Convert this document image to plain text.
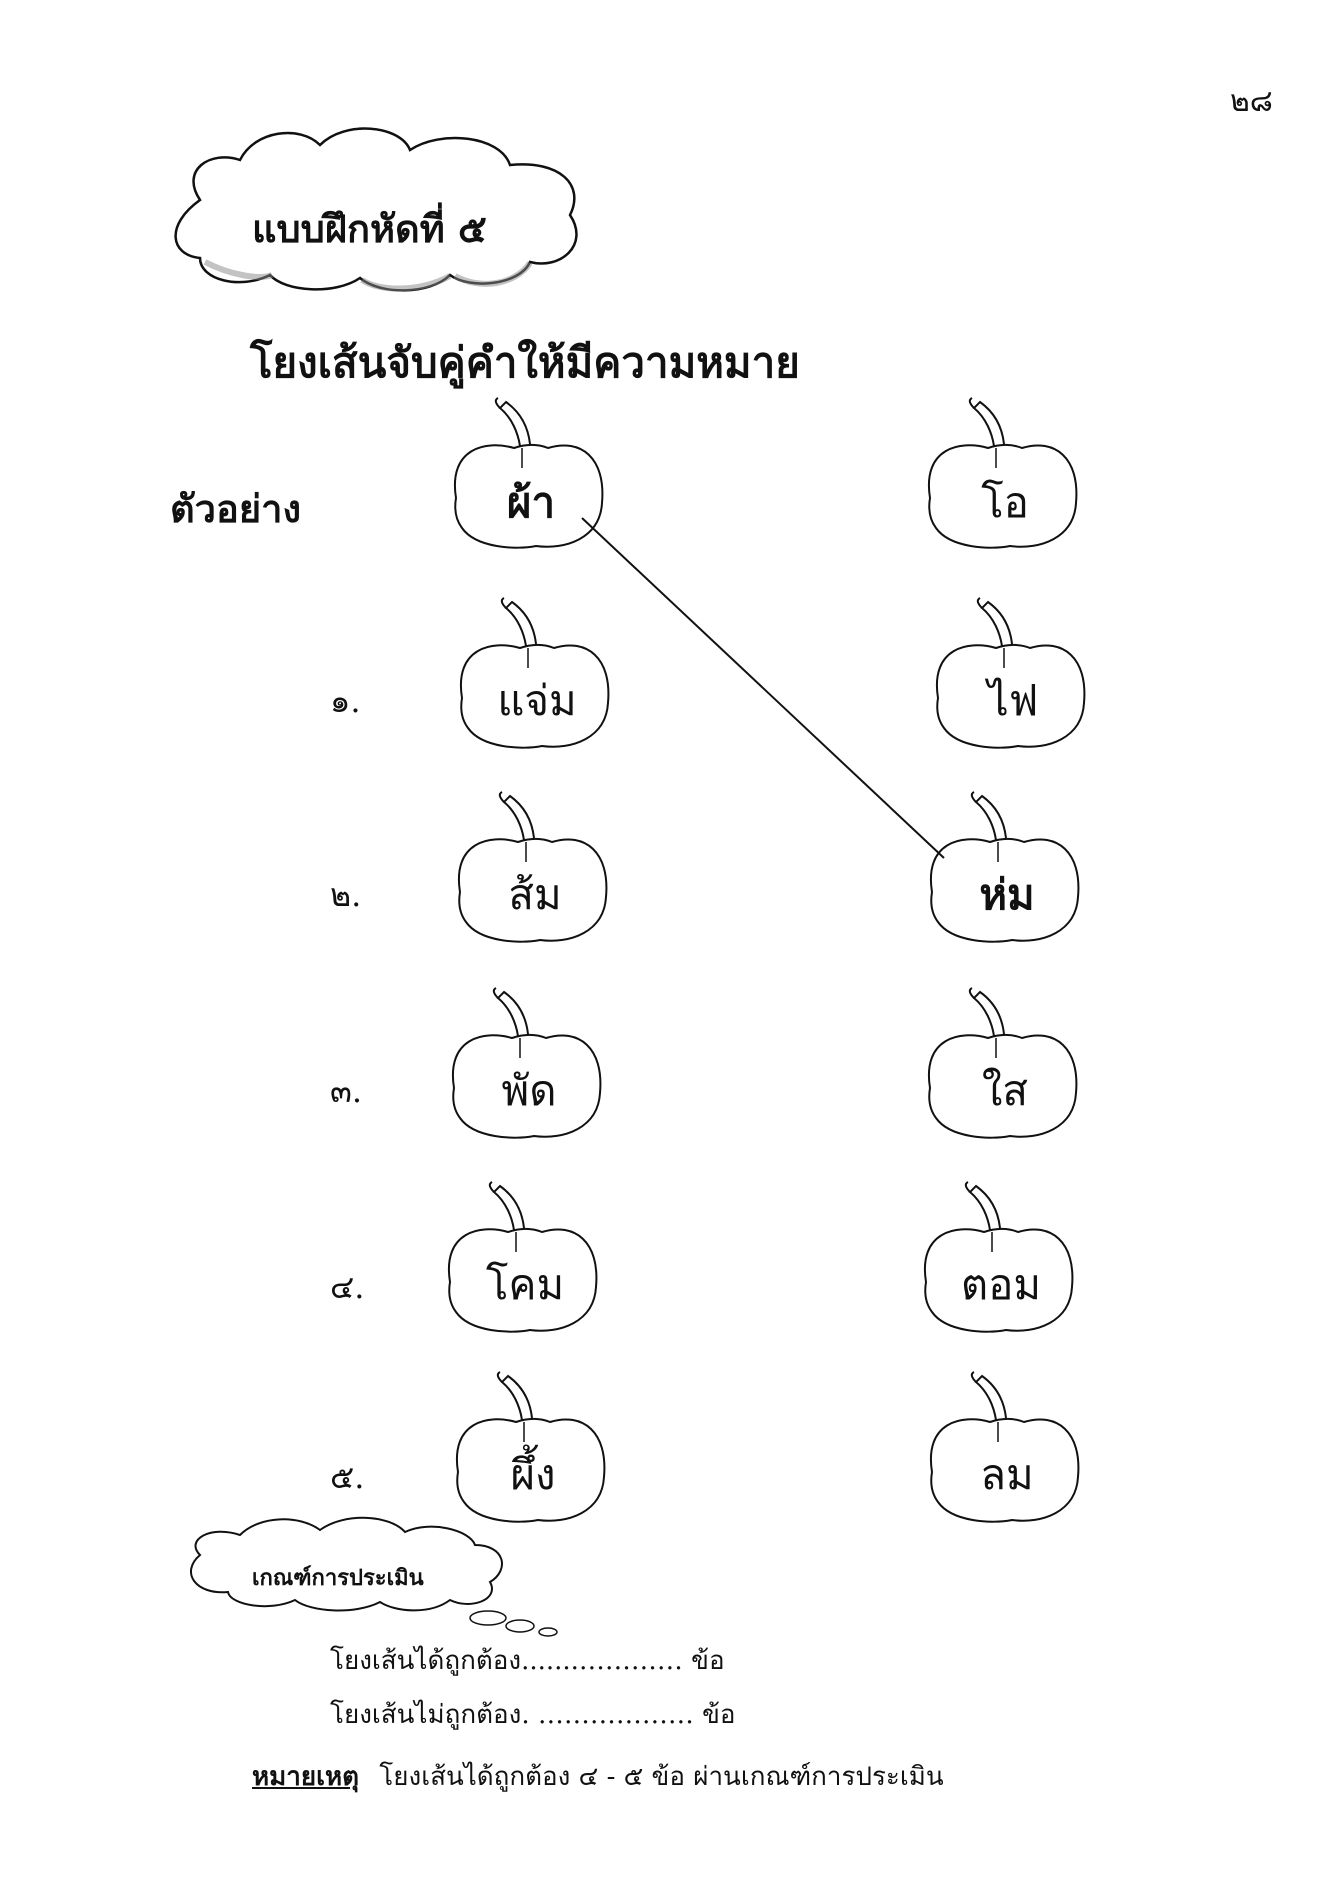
๒๘
แบบฝึกหัดที่ ๕
โยงเส้นจับคู่คำให้มีความหมาย
ตัวอย่าง	ผ้า	โอ
๑.	แจ่ม	ไฟ
๒.	ส้ม	ห่ม
๓.	พัด	ใส
๔.	โคม	ตอม
๕.	ผึ้ง	ลม
เกณฑ์การประเมิน
โยงเส้นได้ถูกต้อง.......………… ข้อ
โยงเส้นไม่ถูกต้อง. ……………… ข้อ
หมายเหตุ โยงเส้นได้ถูกต้อง ๔ - ๕ ข้อ ผ่านเกณฑ์การประเมิน
